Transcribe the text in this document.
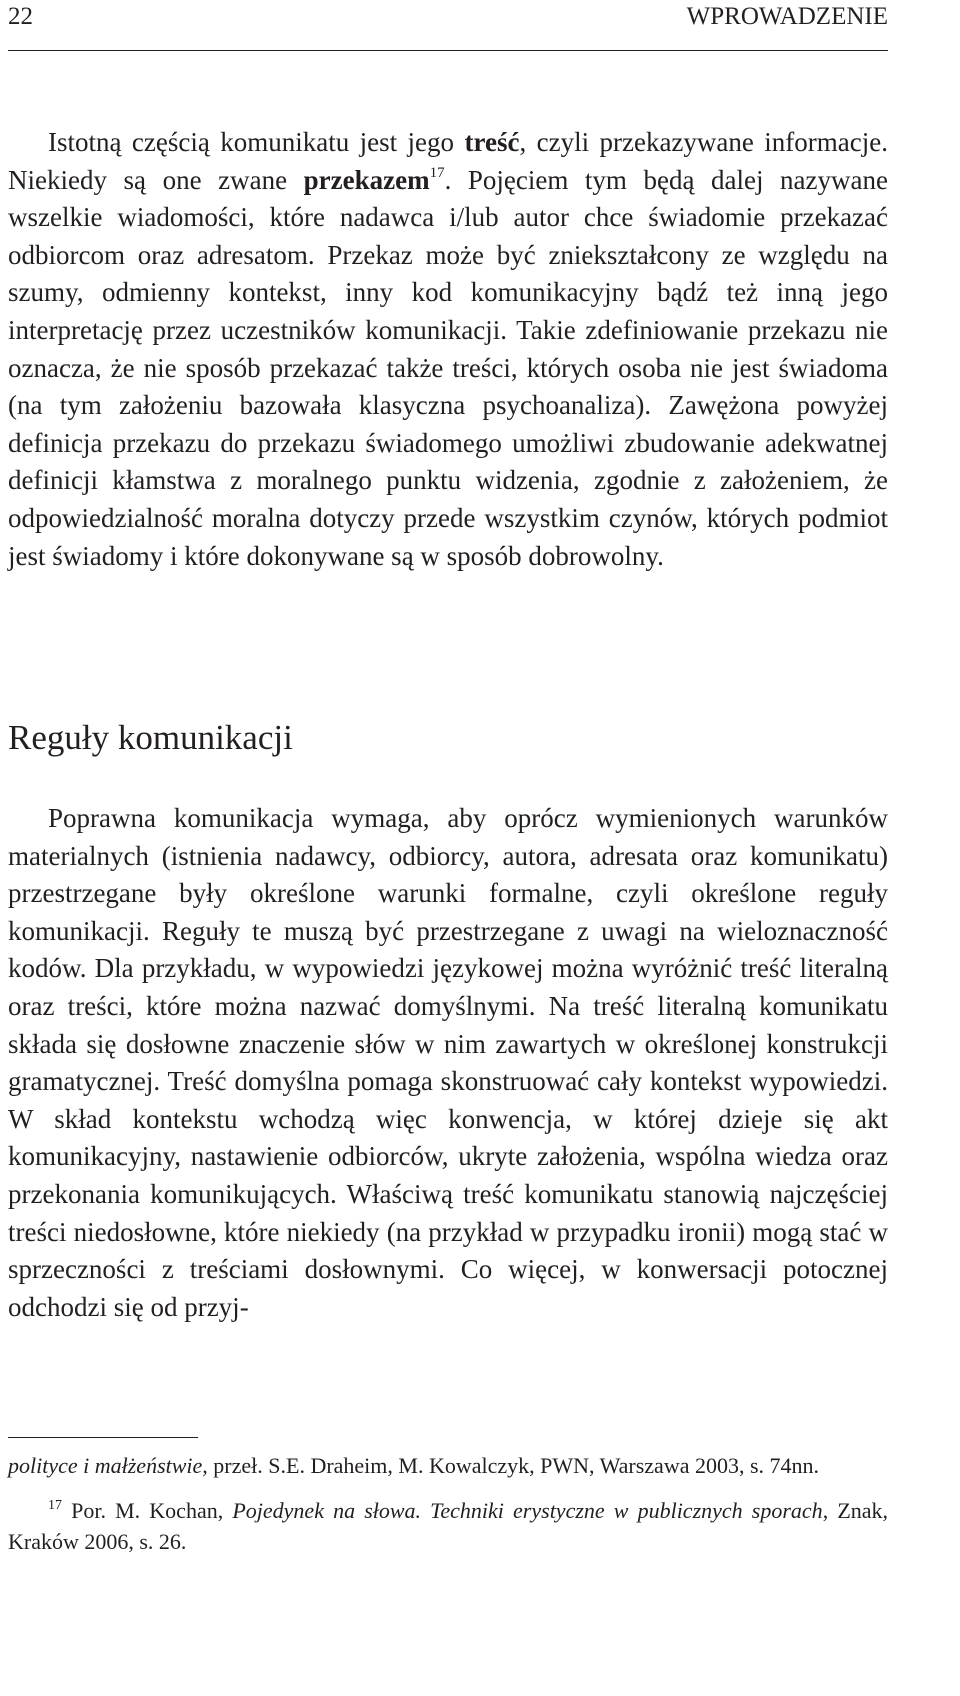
22	WPROWADZENIE

Istotną częścią komunikatu jest jego treść, czyli przekazywane informacje. Niekiedy są one zwane przekazem$^{17}$. Pojęciem tym będą dalej nazywane wszelkie wiadomości, które nadawca i/lub autor chce świadomie przekazać odbiorcom oraz adresatom. Przekaz może być zniekształcony ze względu na szumy, odmienny kontekst, inny kod komunikacyjny bądź też inną jego interpretację przez uczestników komunikacji. Takie zdefiniowanie przekazu nie oznacza, że nie sposób przekazać także treści, których osoba nie jest świadoma (na tym założeniu bazowała klasyczna psychoanaliza). Zawężona powyżej definicja przekazu do przekazu świadomego umożliwi zbudowanie adekwatnej definicji kłamstwa z moralnego punktu widzenia, zgodnie z założeniem, że odpowiedzialność moralna dotyczy przede wszystkim czynów, których podmiot jest świadomy i które dokonywane są w sposób dobrowolny.

Reguły komunikacji

Poprawna komunikacja wymaga, aby oprócz wymienionych warunków materialnych (istnienia nadawcy, odbiorcy, autora, adresata oraz komunikatu) przestrzegane były określone warunki formalne, czyli określone reguły komunikacji. Reguły te muszą być przestrzegane z uwagi na wieloznaczność kodów. Dla przykładu, w wypowiedzi językowej można wyróżnić treść literalną oraz treści, które można nazwać domyślnymi. Na treść literalną komunikatu składa się dosłowne znaczenie słów w nim zawartych w określonej konstrukcji gramatycznej. Treść domyślna pomaga skonstruować cały kontekst wypowiedzi. W skład kontekstu wchodzą więc konwencja, w której dzieje się akt komunikacyjny, nastawienie odbiorców, ukryte założenia, wspólna wiedza oraz przekonania komunikujących. Właściwą treść komunikatu stanowią najczęściej treści niedosłowne, które niekiedy (na przykład w przypadku ironii) mogą stać w sprzeczności z treściami dosłownymi. Co więcej, w konwersacji potocznej odchodzi się od przyj-

polityce i małżeństwie, przeł. S.E. Draheim, M. Kowalczyk, PWN, Warszawa 2003, s. 74nn.

$^{17}$ Por. M. Kochan, Pojedynek na słowa. Techniki erystyczne w publicznych sporach, Znak, Kraków 2006, s. 26.
